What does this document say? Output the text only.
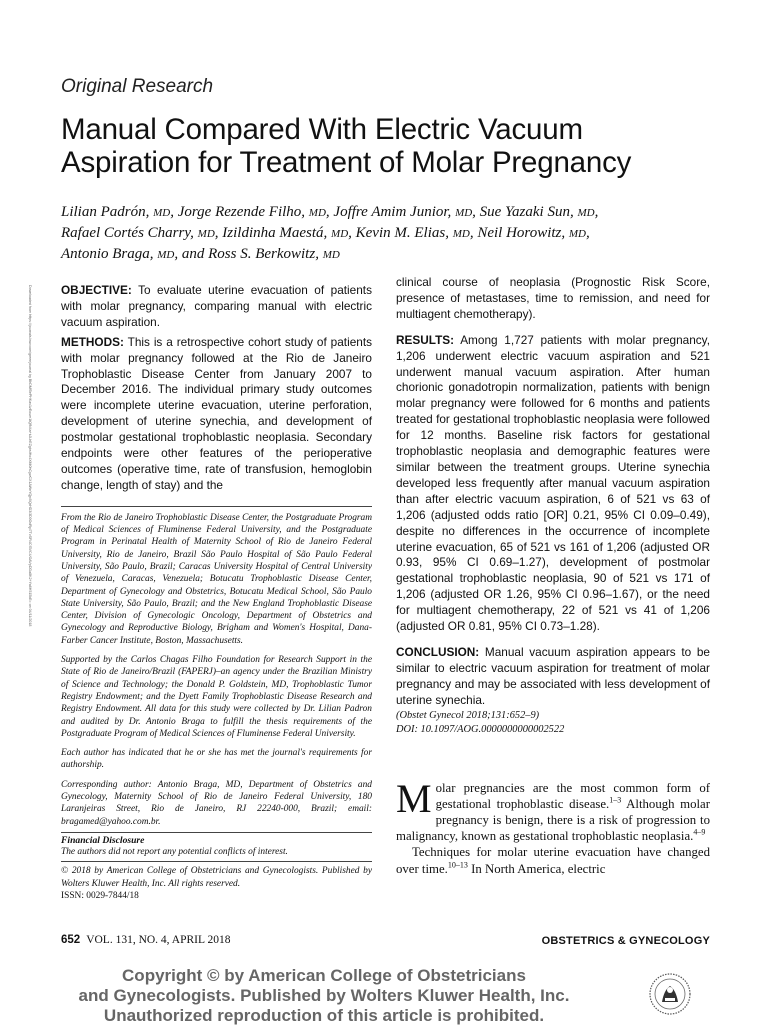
Original Research
Manual Compared With Electric Vacuum
Aspiration for Treatment of Molar Pregnancy
Lilian Padrón, MD, Jorge Rezende Filho, MD, Joffre Amim Junior, MD, Sue Yazaki Sun, MD,
Rafael Cortés Charry, MD, Izildinha Maestá, MD, Kevin M. Elias, MD, Neil Horowitz, MD,
Antonio Braga, MD, and Ross S. Berkowitz, MD
Downloaded from https://journals.lww.com/greenjournal by BhDMf5ePHKav1zEoum1tQfN4a+kJLhEZgbsIHo4XMi0hCywCX1AWnYQp/IlQrHD3i3D0OdRyi7TvSFl4Cf3VC4/OAVpDDa8K2+Ya6H515kE= on 04/11/2018 OBJECTIVE: To evaluate uterine evacuation of patients with molar pregnancy, comparing manual with electric vacuum aspiration.

METHODS: This is a retrospective cohort study of patients with molar pregnancy followed at the Rio de Janeiro Trophoblastic Disease Center from January 2007 to December 2016. The individual primary study outcomes were incomplete uterine evacuation, uterine perforation, development of uterine synechia, and development of postmolar gestational trophoblastic neoplasia. Secondary endpoints were other features of the perioperative outcomes (operative time, rate of transfusion, hemoglobin change, length of stay) and the

From the Rio de Janeiro Trophoblastic Disease Center, the Postgraduate Program of Medical Sciences of Fluminense Federal University, and the Postgraduate Program in Perinatal Health of Maternity School of Rio de Janeiro Federal University, Rio de Janeiro, Brazil São Paulo Hospital of São Paulo Federal University, São Paulo, Brazil; Caracas University Hospital of Central University of Venezuela, Caracas, Venezuela; Botucatu Trophoblastic Disease Center, Department of Gynecology and Obstetrics, Botucatu Medical School, São Paulo State University, São Paulo, Brazil; and the New England Trophoblastic Disease Center, Division of Gynecologic Oncology, Department of Obstetrics and Gynecology and Reproductive Biology, Brigham and Women's Hospital, Dana-Farber Cancer Institute, Boston, Massachusetts.

Supported by the Carlos Chagas Filho Foundation for Research Support in the State of Rio de Janeiro/Brazil (FAPERJ)–an agency under the Brazilian Ministry of Science and Technology; the Donald P. Goldstein, MD, Trophoblastic Tumor Registry Endowment; and the Dyett Family Trophoblastic Disease Research and Registry Endowment. All data for this study were collected by Dr. Lilian Padron and audited by Dr. Antonio Braga to fulfill the thesis requirements of the Postgraduate Program of Medical Sciences of Fluminense Federal University.

Each author has indicated that he or she has met the journal's requirements for authorship.

Corresponding author: Antonio Braga, MD, Department of Obstetrics and Gynecology, Maternity School of Rio de Janeiro Federal University, 180 Laranjeiras Street, Rio de Janeiro, RJ 22240-000, Brazil; email: bragamed@yahoo.com.br.

Financial Disclosure

The authors did not report any potential conflicts of interest.

© 2018 by American College of Obstetricians and Gynecologists. Published by Wolters Kluwer Health, Inc. All rights reserved.

ISSN: 0029-7844/18

clinical course of neoplasia (Prognostic Risk Score, presence of metastases, time to remission, and need for multiagent chemotherapy).

RESULTS: Among 1,727 patients with molar pregnancy, 1,206 underwent electric vacuum aspiration and 521 underwent manual vacuum aspiration. After human chorionic gonadotropin normalization, patients with benign molar pregnancy were followed for 6 months and patients treated for gestational trophoblastic neoplasia were followed for 12 months. Baseline risk factors for gestational trophoblastic neoplasia and demographic features were similar between the treatment groups. Uterine synechia developed less frequently after manual vacuum aspiration than after electric vacuum aspiration, 6 of 521 vs 63 of 1,206 (adjusted odds ratio [OR] 0.21, 95% CI 0.09–0.49), despite no differences in the occurrence of incomplete uterine evacuation, 65 of 521 vs 161 of 1,206 (adjusted OR 0.93, 95% CI 0.69–1.27), development of postmolar gestational trophoblastic neoplasia, 90 of 521 vs 171 of 1,206 (adjusted OR 1.26, 95% CI 0.96–1.67), or the need for multiagent chemotherapy, 22 of 521 vs 41 of 1,206 (adjusted OR 0.81, 95% CI 0.73–1.28).

CONCLUSION: Manual vacuum aspiration appears to be similar to electric vacuum aspiration for treatment of molar pregnancy and may be associated with less development of uterine synechia.

(Obstet Gynecol 2018;131:652–9)

DOI: 10.1097/AOG.0000000000002522

Molar pregnancies are the most common form of gestational trophoblastic disease.$^{1-3}$ Although molar pregnancy is benign, there is a risk of progression to malignancy, known as gestational trophoblastic neoplasia.$^{4-9}$

Techniques for molar uterine evacuation have changed over time.$^{10-13}$ In North America, electric

652 VOL. 131, NO. 4, APRIL 2018	OBSTETRICS & GYNECOLOGY
Copyright © by American College of Obstetricians
and Gynecologists. Published by Wolters Kluwer Health, Inc.
Unauthorized reproduction of this article is prohibited.
